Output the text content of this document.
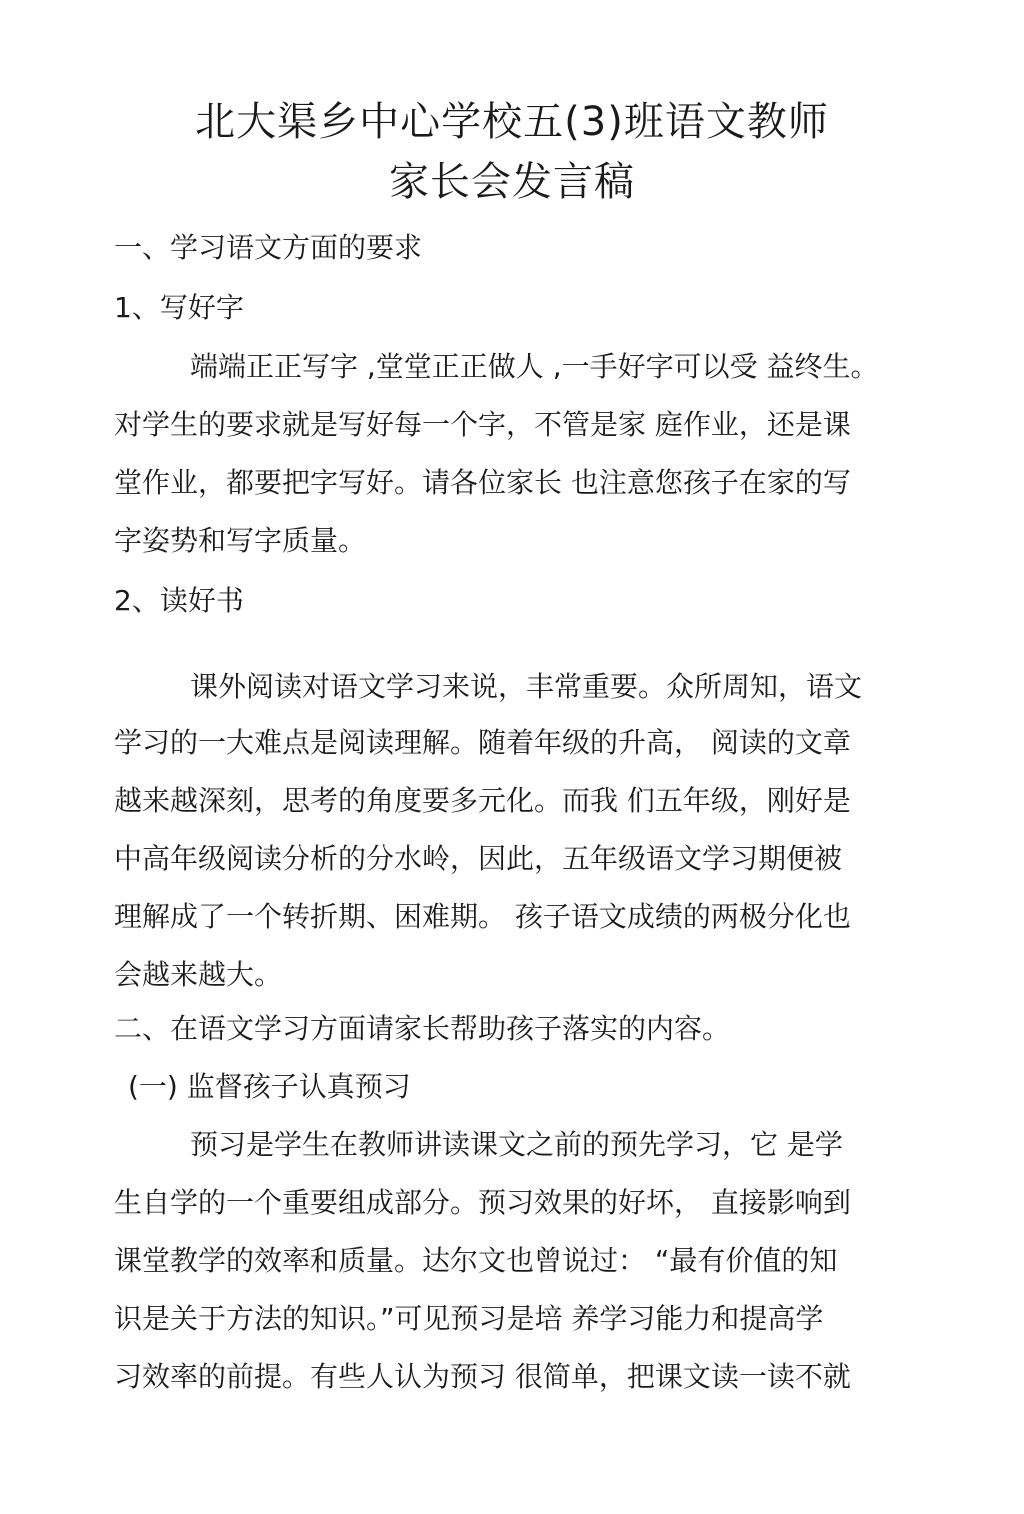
北大渠乡中心学校五(3)班语文教师
家长会发言稿
一、学习语文方面的要求
1、写好字
端端正正写字 ,堂堂正正做人 ,一手好字可以受 益终生。
对学生的要求就是写好每一个字，不管是家 庭作业，还是课
堂作业，都要把字写好。请各位家长 也注意您孩子在家的写
字姿势和写字质量。
2、读好书
课外阅读对语文学习来说，丰常重要。众所周知，语文
学习的一大难点是阅读理解。随着年级的升高， 阅读的文章
越来越深刻，思考的角度要多元化。而我 们五年级，刚好是
中高年级阅读分析的分水岭，因此，五年级语文学习期便被
理解成了一个转折期、困难期。 孩子语文成绩的两极分化也
会越来越大。
二、在语文学习方面请家长帮助孩子落实的内容。
(一) 监督孩子认真预习
预习是学生在教师讲读课文之前的预先学习，它 是学
生自学的一个重要组成部分。预习效果的好坏， 直接影响到
课堂教学的效率和质量。达尔文也曾说过： “最有价值的知
识是关于方法的知识。”可见预习是培 养学习能力和提高学
习效率的前提。有些人认为预习 很简单，把课文读一读不就
